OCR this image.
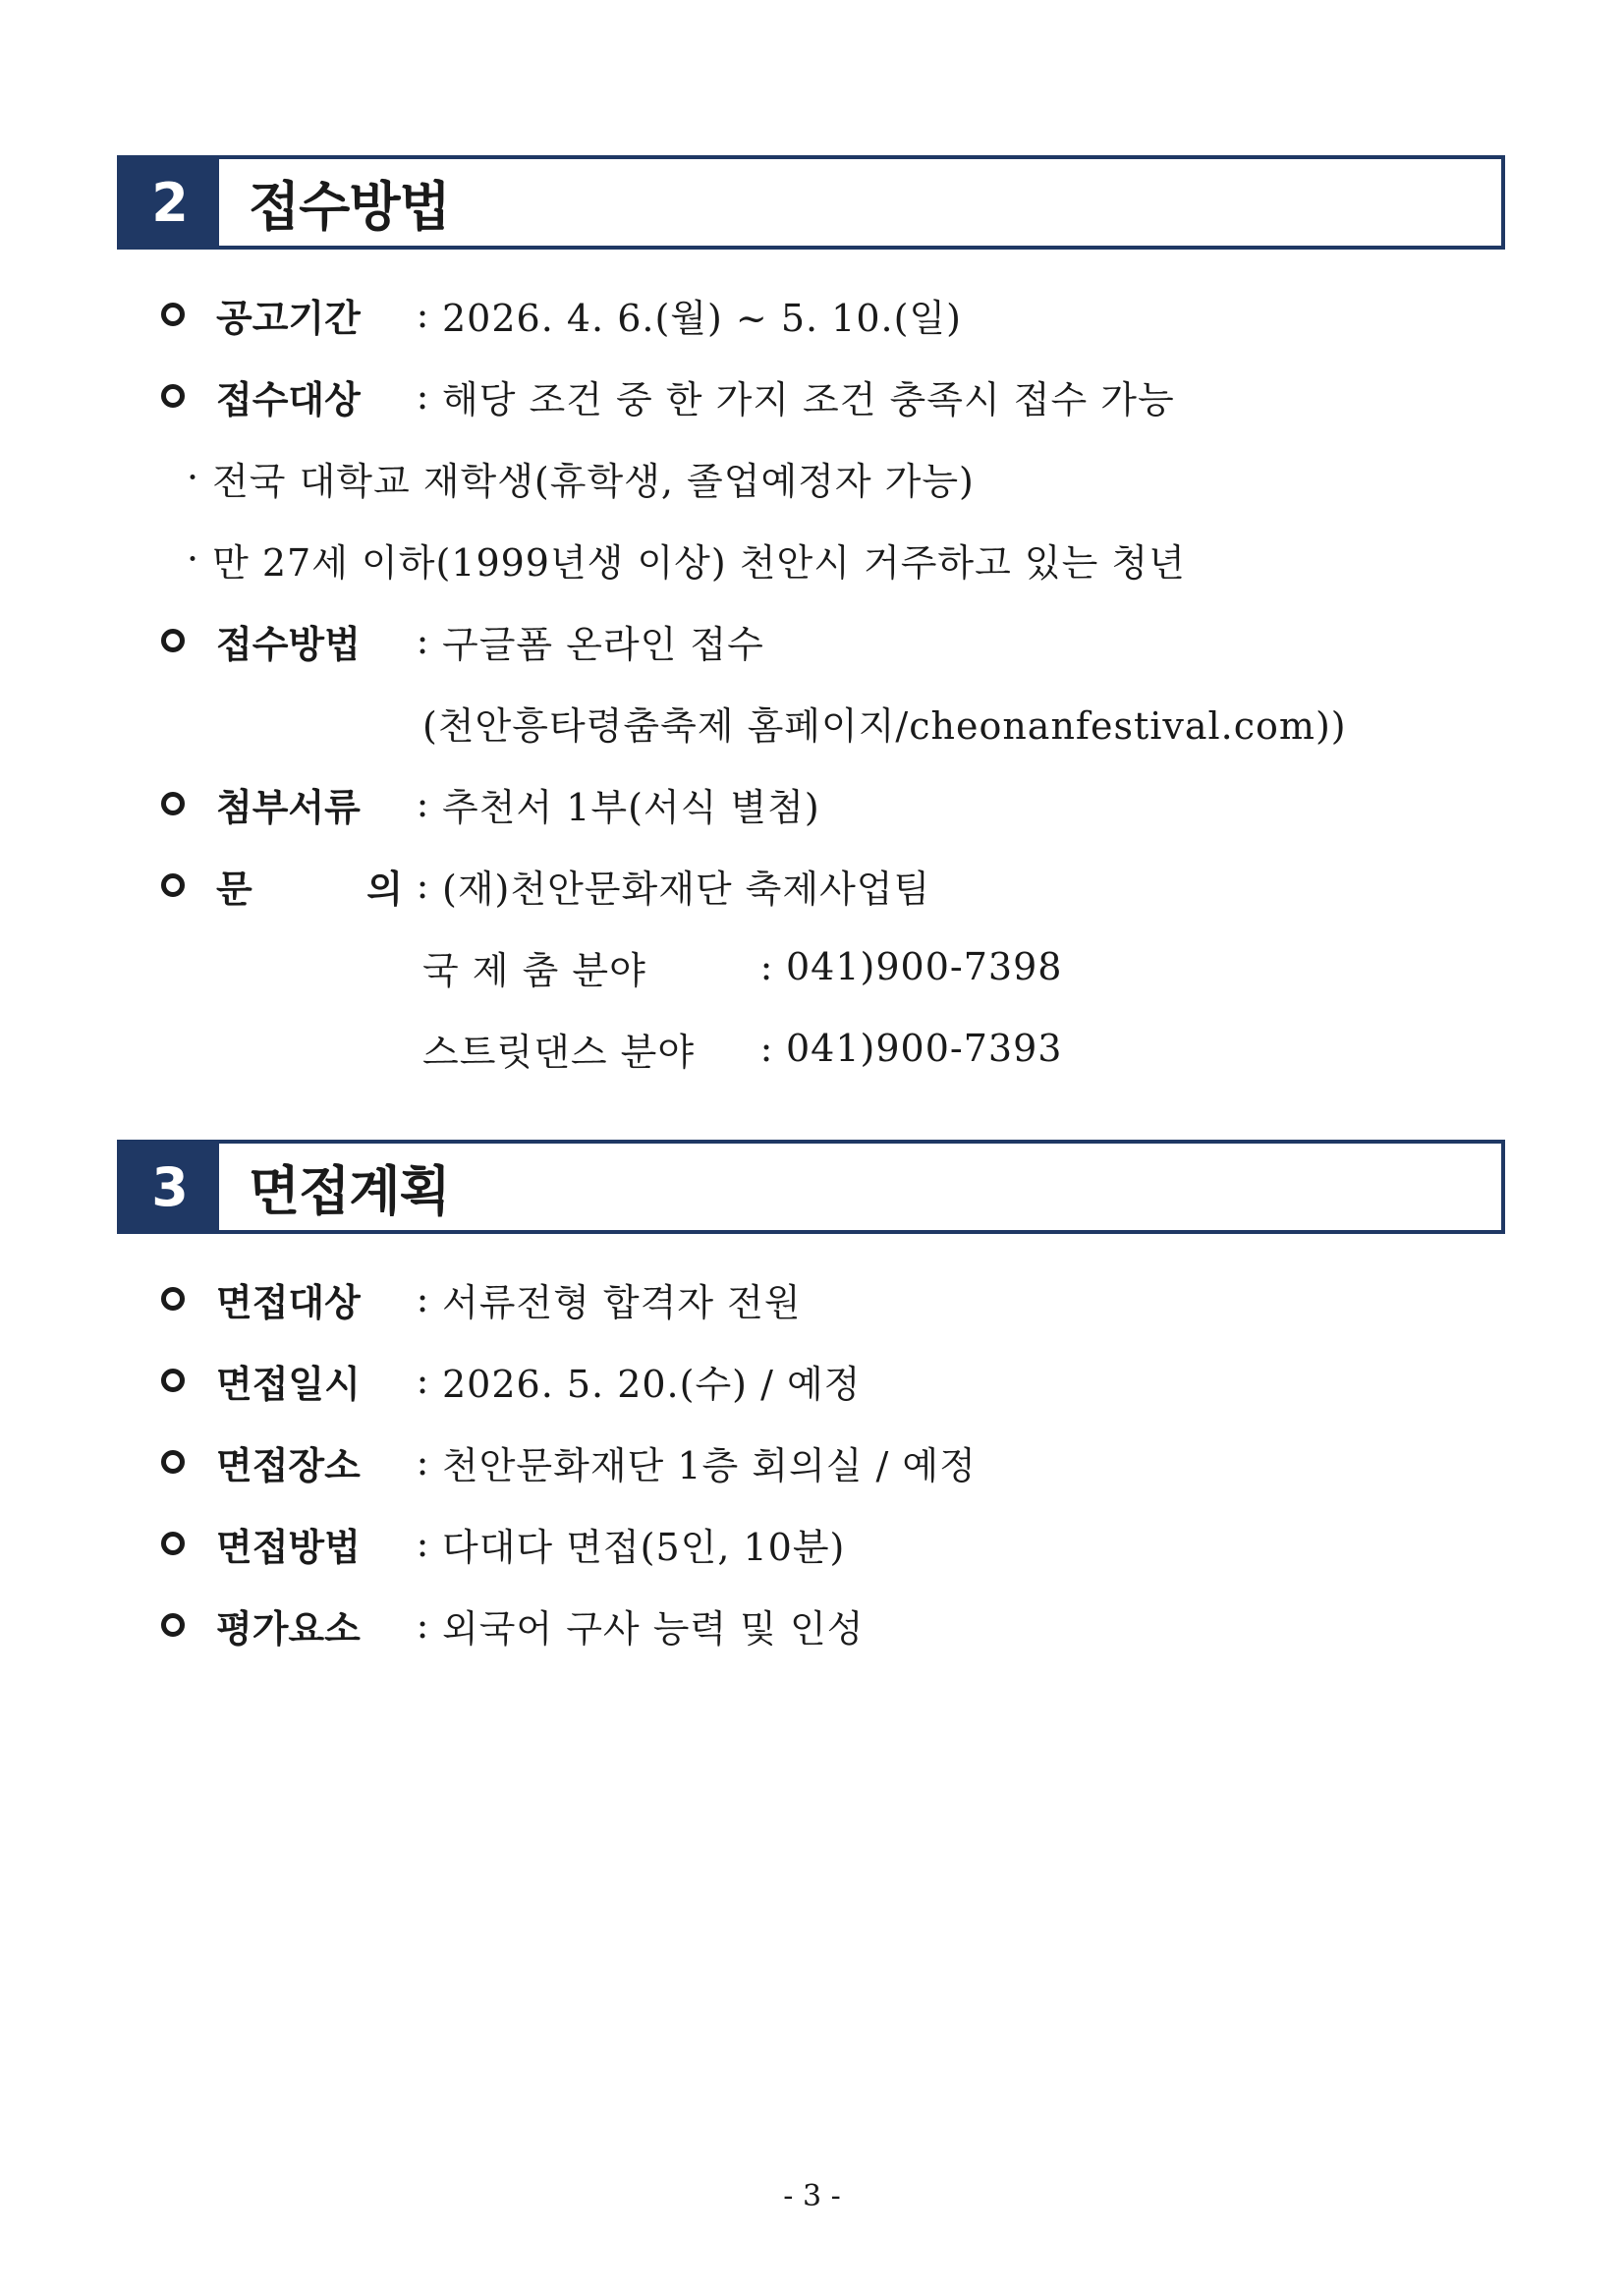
2	접수방법
공고기간	: 2026. 4. 6.(월) ~ 5. 10.(일)
접수대상	: 해당 조건 중 한 가지 조건 충족시 접수 가능
· 전국 대학교 재학생(휴학생, 졸업예정자 가능)
· 만 27세 이하(1999년생 이상) 천안시 거주하고 있는 청년
접수방법	: 구글폼 온라인 접수
(천안흥타령춤축제 홈페이지/cheonanfestival.com))
첨부서류	: 추천서 1부(서식 별첨)
문	의 : (재)천안문화재단 축제사업팀
국 제 춤 분야	: 041)900-7398
스트릿댄스 분야	: 041)900-7393
3	면접계획
면접대상	: 서류전형 합격자 전원
면접일시	: 2026. 5. 20.(수) / 예정
면접장소	: 천안문화재단 1층 회의실 / 예정
면접방법	: 다대다 면접(5인, 10분)
평가요소	: 외국어 구사 능력 및 인성
- 3 -
